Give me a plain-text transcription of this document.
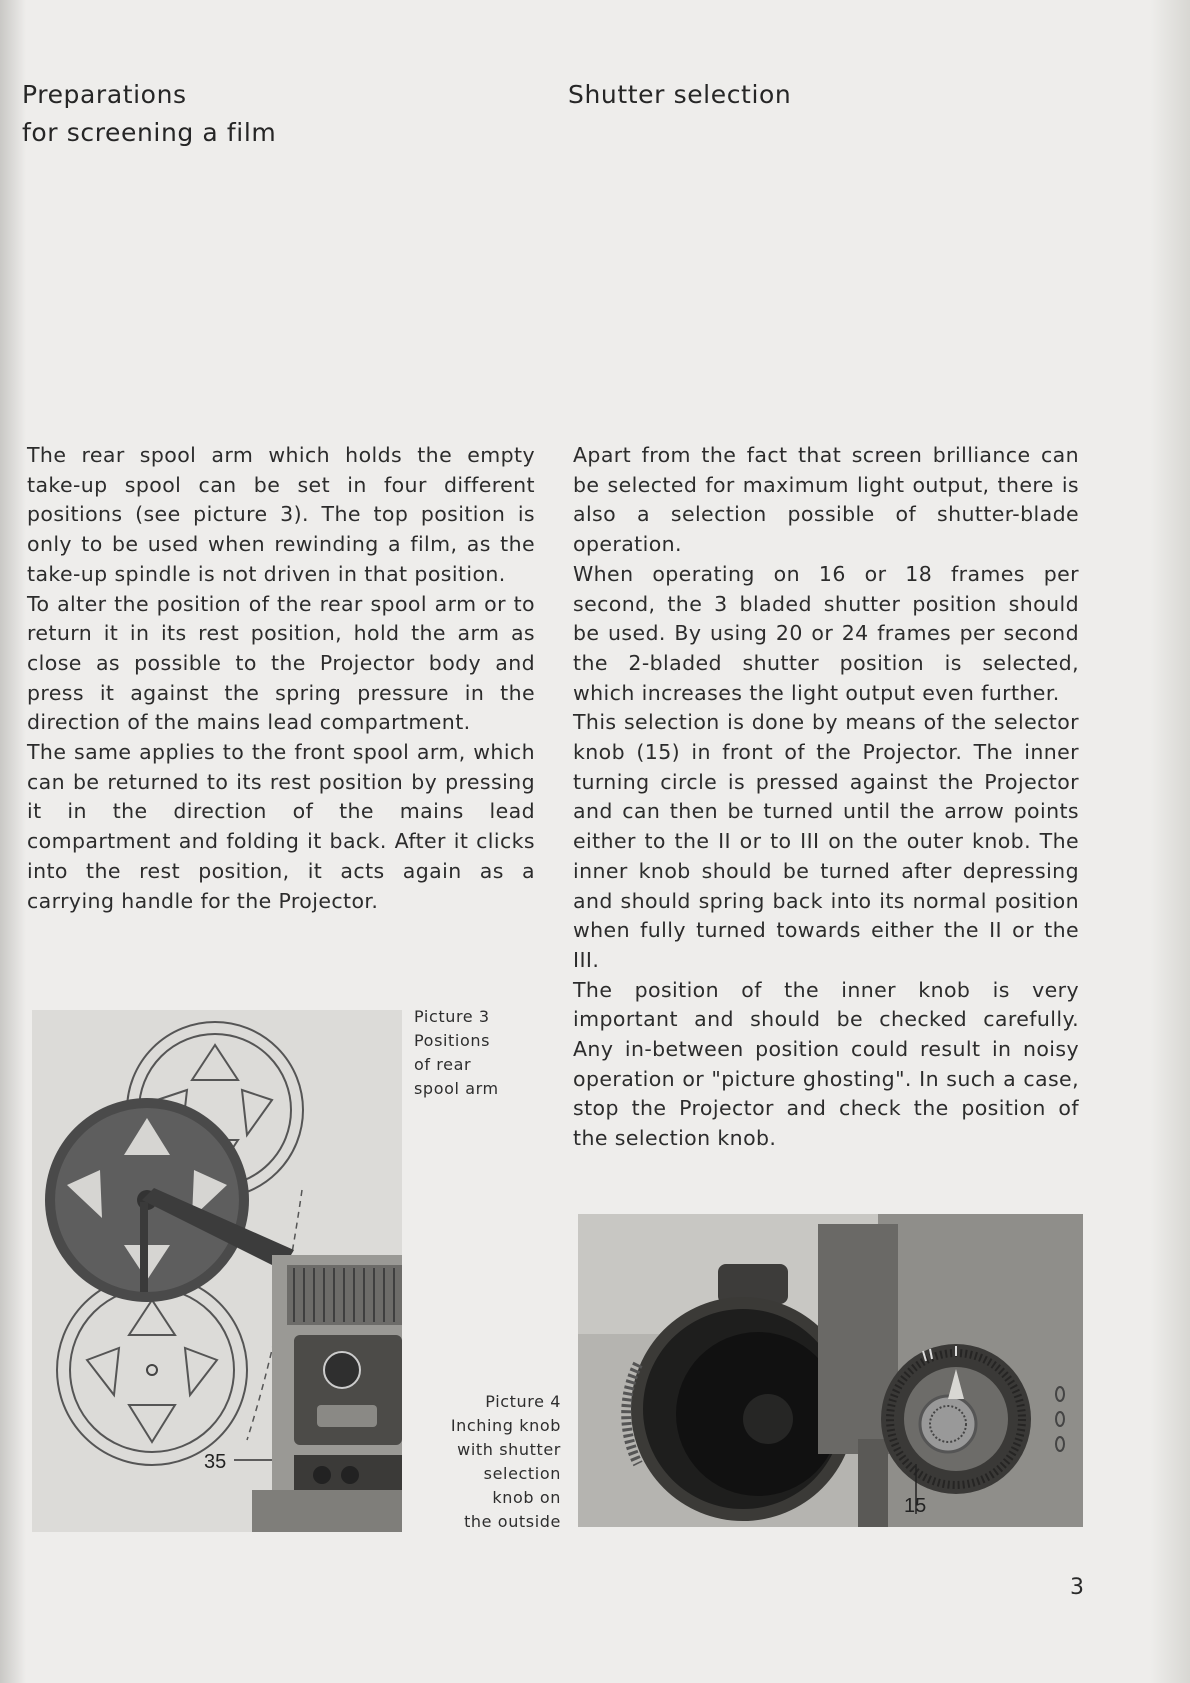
Preparations
for screening a film
Shutter selection

The rear spool arm which holds the empty take-up spool can be set in four different positions (see picture 3). The top position is only to be used when rewinding a film, as the take-up spindle is not driven in that position.

To alter the position of the rear spool arm or to return it in its rest position, hold the arm as close as possible to the Projector body and press it against the spring pressure in the direction of the mains lead compartment.

The same applies to the front spool arm, which can be returned to its rest position by pressing it in the direction of the mains lead compartment and folding it back. After it clicks into the rest position, it acts again as a carrying handle for the Projector.

Apart from the fact that screen brilliance can be selected for maximum light output, there is also a selection possible of shutter-blade operation.

When operating on 16 or 18 frames per second, the 3 bladed shutter position should be used. By using 20 or 24 frames per second the 2-bladed shutter position is selected, which increases the light output even further.

This selection is done by means of the selector knob (15) in front of the Projector. The inner turning circle is pressed against the Projector and can then be turned until the arrow points either to the II or to III on the outer knob. The inner knob should be turned after depressing and should spring back into its normal position when fully turned towards either the II or the III.

The position of the inner knob is very important and should be checked carefully. Any in-between position could result in noisy operation or "picture ghosting". In such a case, stop the Projector and check the position of the selection knob.

35
Picture 3
Positions
of rear
spool arm
Picture 4
Inching knob
with shutter
selection
knob on
the outside
15
3
